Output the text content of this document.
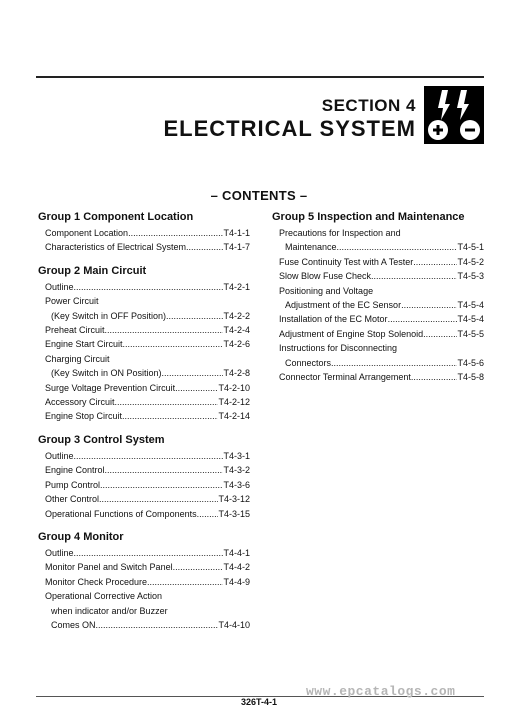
SECTION 4
ELECTRICAL SYSTEM
– CONTENTS –
Group 1 Component Location
Component Location .....	T4-1-1
Characteristics of Electrical System .....	T4-1-7
Group 2 Main Circuit
Outline .....	T4-2-1
Power Circuit
(Key Switch in OFF Position) .....	T4-2-2
Preheat Circuit .....	T4-2-4
Engine Start Circuit .....	T4-2-6
Charging Circuit
(Key Switch in ON Position) .....	T4-2-8
Surge Voltage Prevention Circuit .....	T4-2-10
Accessory Circuit .....	T4-2-12
Engine Stop Circuit .....	T4-2-14
Group 3 Control System
Outline .....	T4-3-1
Engine Control .....	T4-3-2
Pump Control .....	T4-3-6
Other Control .....	T4-3-12
Operational Functions of Components ..... T4-3-15
Group 4 Monitor
Outline .....	T4-4-1
Monitor Panel and Switch Panel .....	T4-4-2
Monitor Check Procedure .....	T4-4-9
Operational Corrective Action
when indicator and/or Buzzer
Comes ON .....	T4-4-10
Group 5 Inspection and Maintenance
Precautions for Inspection and
Maintenance .....	T4-5-1
Fuse Continuity Test with A Tester .....	T4-5-2
Slow Blow Fuse Check .....	T4-5-3
Positioning and Voltage
Adjustment of the EC Sensor .....	T4-5-4
Installation of the EC Motor .....	T4-5-4
Adjustment of Engine Stop Solenoid .....	T4-5-5
Instructions for Disconnecting
Connectors .....	T4-5-6
Connector Terminal Arrangement .....	T4-5-8
www.epcatalogs.com
326T-4-1
